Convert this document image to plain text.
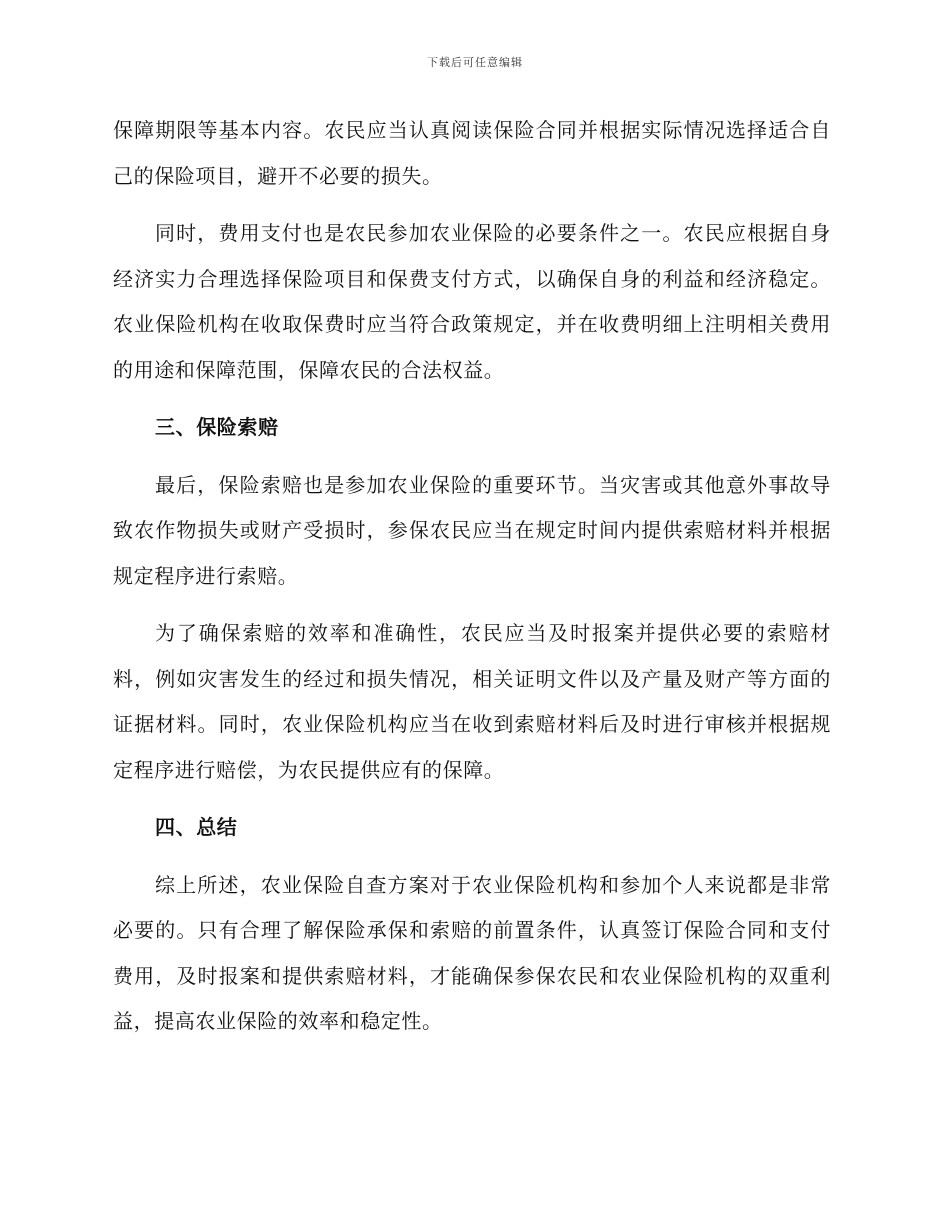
下载后可任意编辑

保障期限等基本内容。农民应当认真阅读保险合同并根据实际情况选择适合自己的保险项目，避开不必要的损失。

同时，费用支付也是农民参加农业保险的必要条件之一。农民应根据自身经济实力合理选择保险项目和保费支付方式，以确保自身的利益和经济稳定。农业保险机构在收取保费时应当符合政策规定，并在收费明细上注明相关费用的用途和保障范围，保障农民的合法权益。

三、保险索赔

最后，保险索赔也是参加农业保险的重要环节。当灾害或其他意外事故导致农作物损失或财产受损时，参保农民应当在规定时间内提供索赔材料并根据规定程序进行索赔。

为了确保索赔的效率和准确性，农民应当及时报案并提供必要的索赔材料，例如灾害发生的经过和损失情况，相关证明文件以及产量及财产等方面的证据材料。同时，农业保险机构应当在收到索赔材料后及时进行审核并根据规定程序进行赔偿，为农民提供应有的保障。

四、总结

综上所述，农业保险自查方案对于农业保险机构和参加个人来说都是非常必要的。只有合理了解保险承保和索赔的前置条件，认真签订保险合同和支付费用，及时报案和提供索赔材料，才能确保参保农民和农业保险机构的双重利益，提高农业保险的效率和稳定性。
